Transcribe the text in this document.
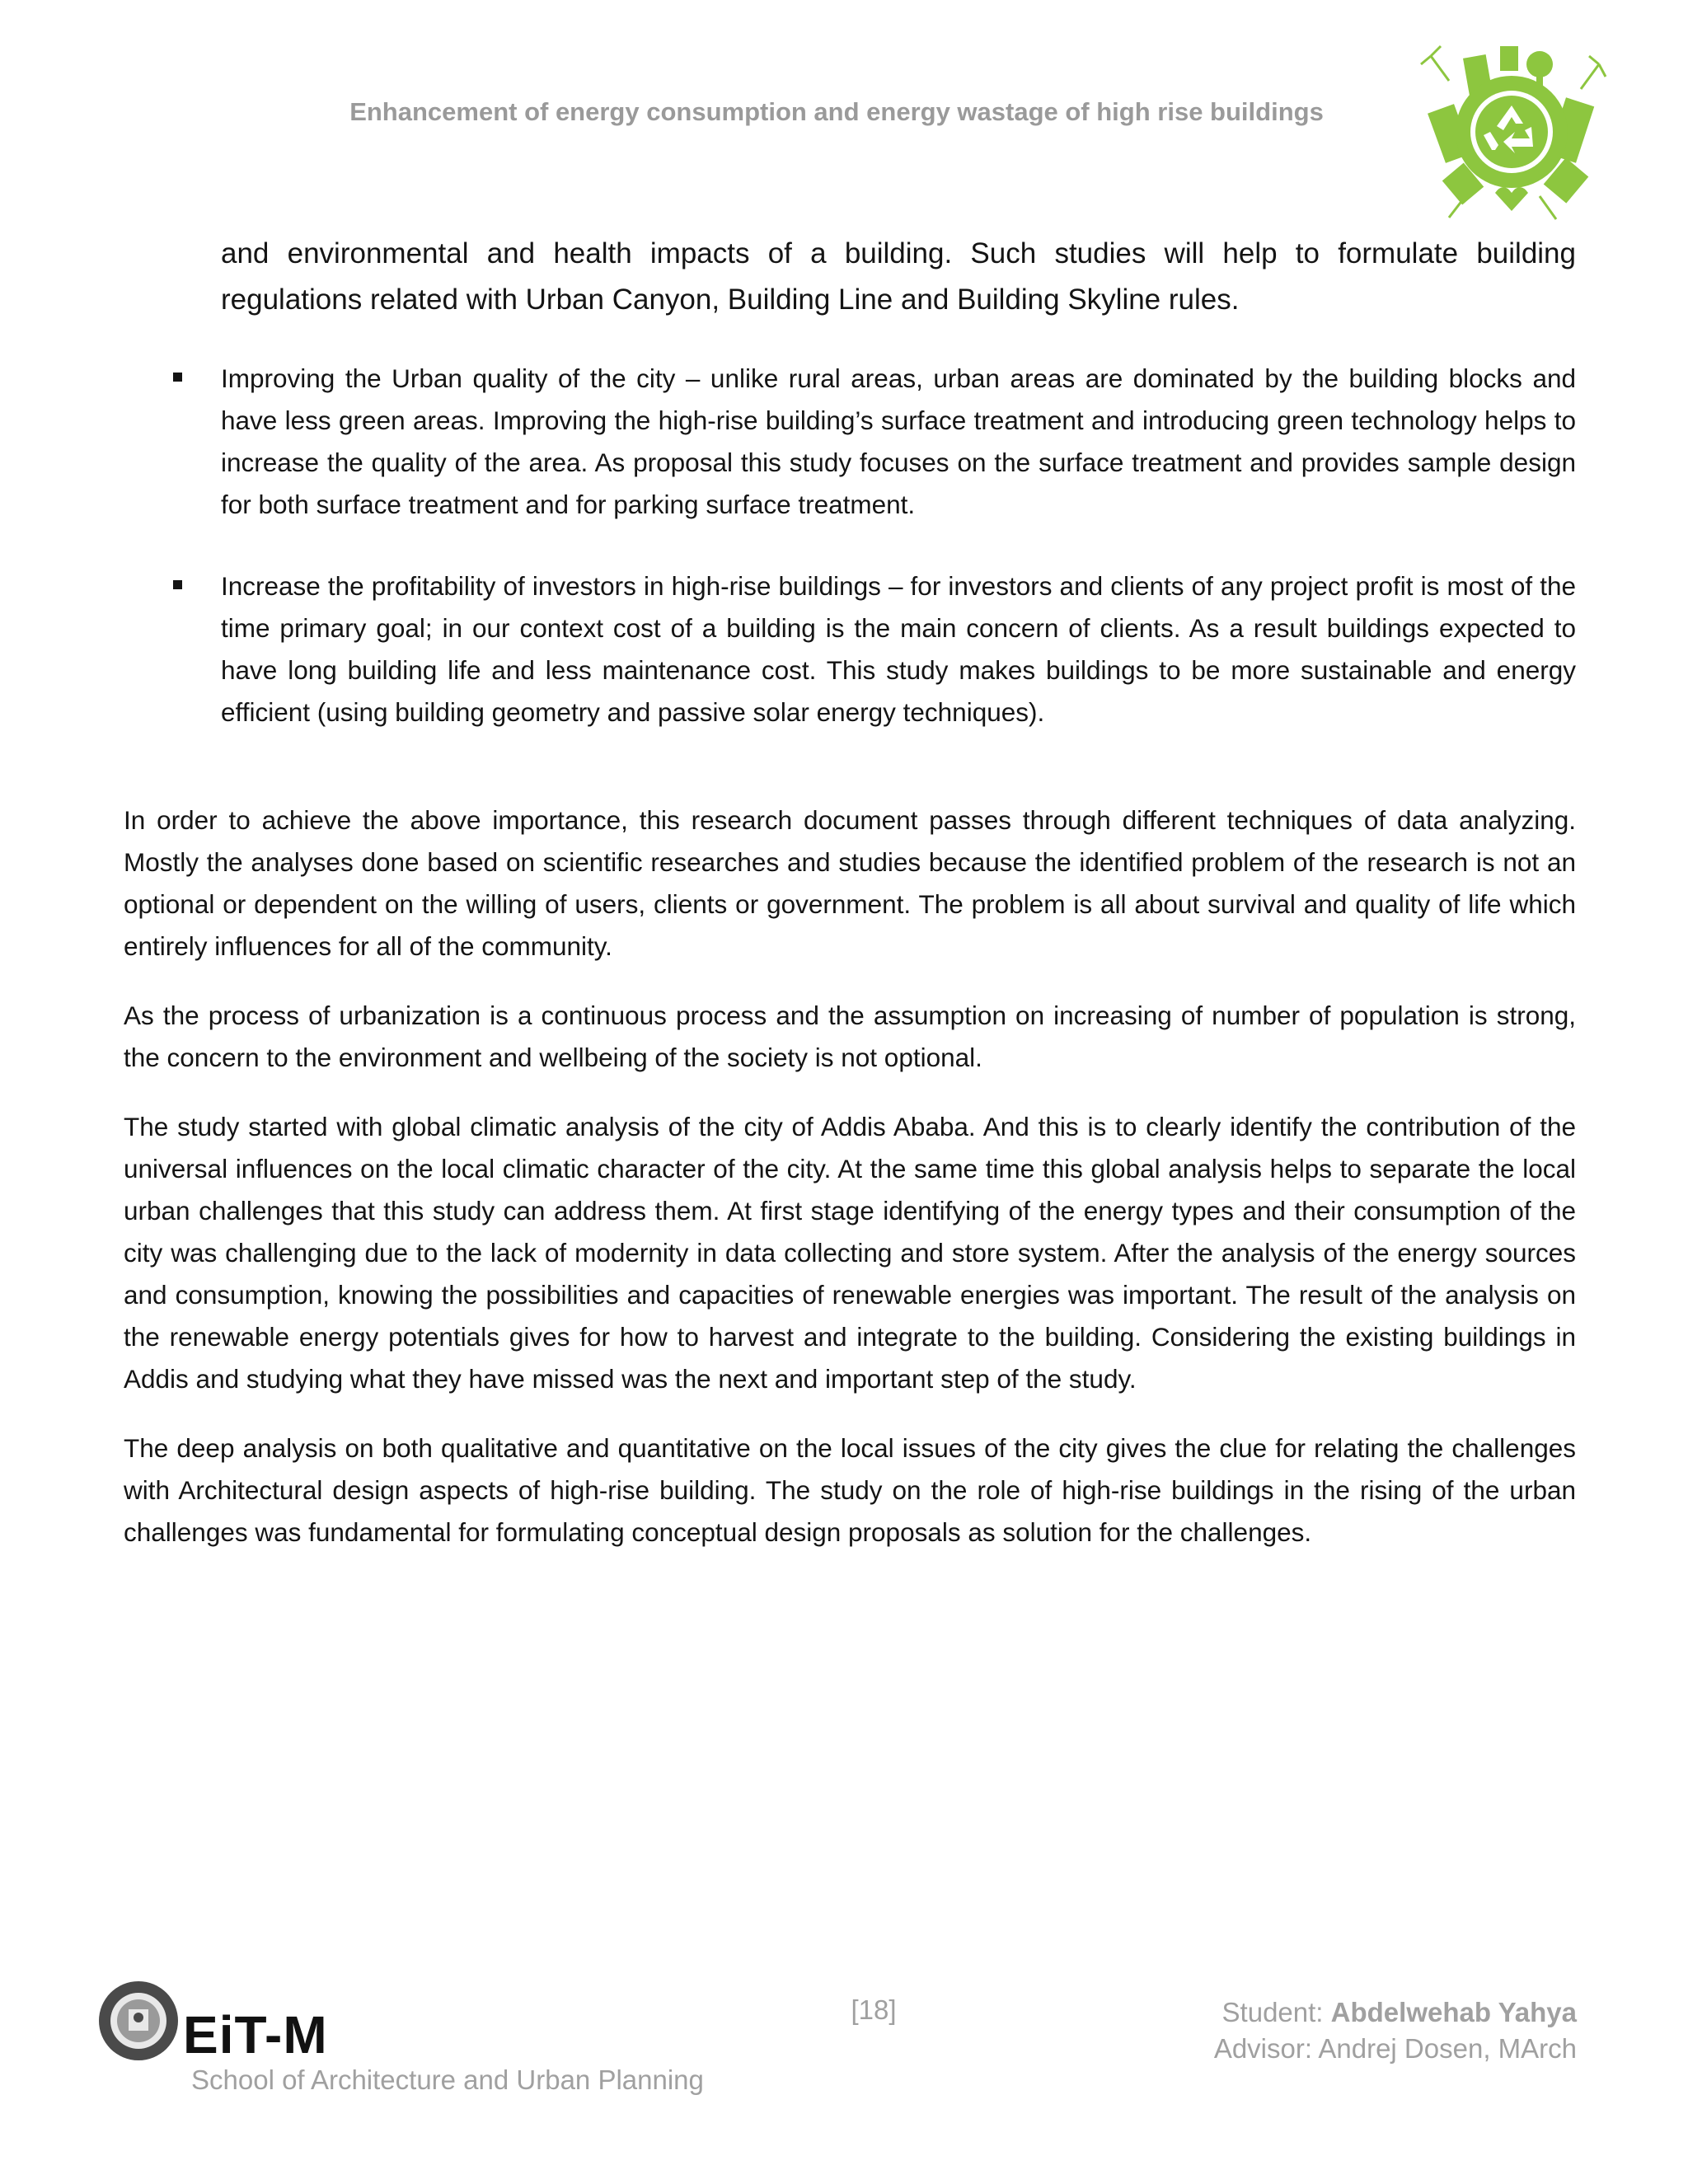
Enhancement of energy consumption and energy wastage of high rise buildings

and environmental and health impacts of a building. Such studies will help to formulate building regulations related with Urban Canyon, Building Line and Building Skyline rules.

Improving the Urban quality of the city – unlike rural areas, urban areas are dominated by the building blocks and have less green areas. Improving the high-rise building’s surface treatment and introducing green technology helps to increase the quality of the area. As proposal this study focuses on the surface treatment and provides sample design for both surface treatment and for parking surface treatment.
Increase the profitability of investors in high-rise buildings – for investors and clients of any project profit is most of the time primary goal; in our context cost of a building is the main concern of clients. As a result buildings expected to have long building life and less maintenance cost. This study makes buildings to be more sustainable and energy efficient (using building geometry and passive solar energy techniques).

In order to achieve the above importance, this research document passes through different techniques of data analyzing. Mostly the analyses done based on scientific researches and studies because the identified problem of the research is not an optional or dependent on the willing of users, clients or government. The problem is all about survival and quality of life which entirely influences for all of the community.

As the process of urbanization is a continuous process and the assumption on increasing of number of population is strong, the concern to the environment and wellbeing of the society is not optional.

The study started with global climatic analysis of the city of Addis Ababa. And this is to clearly identify the contribution of the universal influences on the local climatic character of the city. At the same time this global analysis helps to separate the local urban challenges that this study can address them. At first stage identifying of the energy types and their consumption of the city was challenging due to the lack of modernity in data collecting and store system. After the analysis of the energy sources and consumption, knowing the possibilities and capacities of renewable energies was important. The result of the analysis on the renewable energy potentials gives for how to harvest and integrate to the building. Considering the existing buildings in Addis and studying what they have missed was the next and important step of the study.

The deep analysis on both qualitative and quantitative on the local issues of the city gives the clue for relating the challenges with Architectural design aspects of high-rise building. The study on the role of high-rise buildings in the rising of the urban challenges was fundamental for formulating conceptual design proposals as solution for the challenges.

EiT-M
School of Architecture and Urban Planning
[18]	Student: Abdelwehab Yahya
Advisor: Andrej Dosen, MArch
